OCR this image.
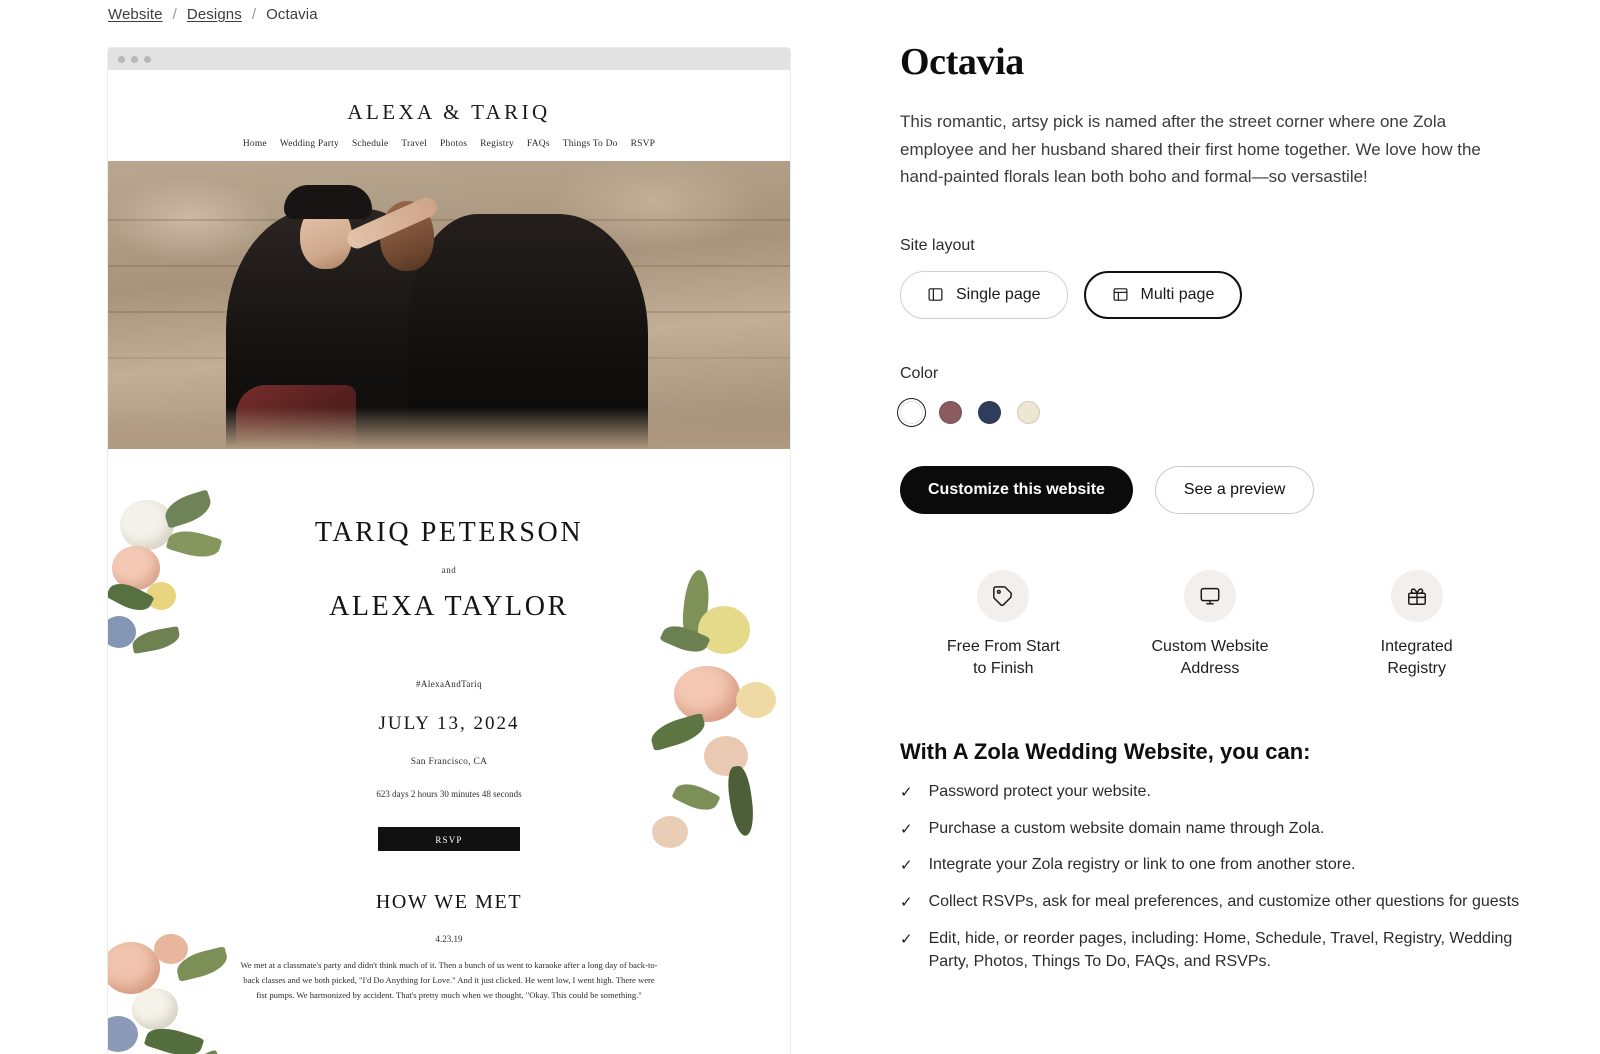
Website / Designs / Octavia
ALEXA & TARIQ
Home Wedding Party Schedule Travel Photos Registry FAQs Things To Do RSVP
TARIQ PETERSON
and
ALEXA TAYLOR
#AlexaAndTariq
JULY 13, 2024
San Francisco, CA
623 days 2 hours 30 minutes 48 seconds
RSVP
HOW WE MET
4.23.19
We met at a classmate's party and didn't think much of it. Then a bunch of us went to karaoke after a long day of back-to-back classes and we both picked, "I'd Do Anything for Love." And it just clicked. He went low, I went high. There were fist pumps. We harmonized by accident. That's pretty much when we thought, "Okay. This could be something."
Octavia

This romantic, artsy pick is named after the street corner where one Zola employee and her husband shared their first home together. We love how the hand-painted florals lean both boho and formal—so versastile!

Site layout
Single page	Multi page
Color
Customize this website	See a preview
Free From Start
to Finish
Custom Website
Address
Integrated
Registry
With A Zola Wedding Website, you can:
✓ Password protect your website.
✓ Purchase a custom website domain name through Zola.
✓ Integrate your Zola registry or link to one from another store.
✓ Collect RSVPs, ask for meal preferences, and customize other questions for guests
✓ Edit, hide, or reorder pages, including: Home, Schedule, Travel, Registry, Wedding Party, Photos, Things To Do, FAQs, and RSVPs.
